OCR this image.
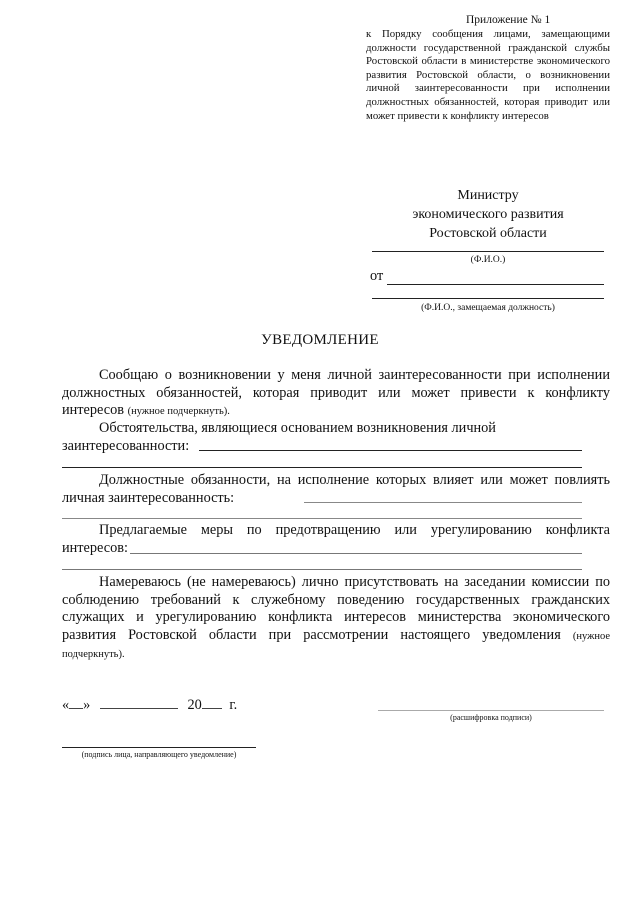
Приложение № 1
к Порядку сообщения лицами, замещающими должности государственной гражданской службы Ростовской области в министерстве экономического развития Ростовской области, о возникновении личной заинтересованности при исполнении должностных обязанностей, которая приводит или может привести к конфликту интересов
Министру
экономического развития
Ростовской области
(Ф.И.О.)
от
(Ф.И.О., замещаемая должность)
УВЕДОМЛЕНИЕ
Сообщаю о возникновении у меня личной заинтересованности при исполнении должностных обязанностей, которая приводит или может привести к конфликту интересов (нужное подчеркнуть).
Обстоятельства, являющиеся основанием возникновения личной заинтересованности:
Должностные обязанности, на исполнение которых влияет или может повлиять личная заинтересованность:
Предлагаемые меры по предотвращению или урегулированию конфликта интересов:
Намереваюсь (не намереваюсь) лично присутствовать на заседании комиссии по соблюдению требований к служебному поведению государственных гражданских служащих и урегулированию конфликта интересов министерства экономического развития Ростовской области при рассмотрении настоящего уведомления (нужное подчеркнуть).
« »	20 г.
(расшифровка подписи)
(подпись лица, направляющего уведомление)
